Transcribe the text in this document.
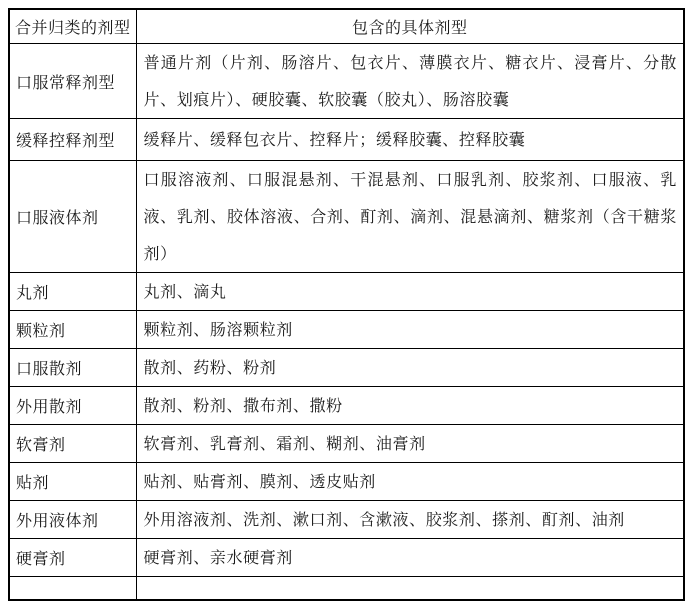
合并归类的剂型	包含的具体剂型
口服常释剂型	普通片剂（片剂、肠溶片、包衣片、薄膜衣片、糖衣片、浸膏片、分散片、划痕片）、硬胶囊、软胶囊（胶丸）、肠溶胶囊
缓释控释剂型	缓释片、缓释包衣片、控释片；缓释胶囊、控释胶囊
口服液体剂	口服溶液剂、口服混悬剂、干混悬剂、口服乳剂、胶浆剂、口服液、乳液、乳剂、胶体溶液、合剂、酊剂、滴剂、混悬滴剂、糖浆剂（含干糖浆剂）
丸剂	丸剂、滴丸
颗粒剂	颗粒剂、肠溶颗粒剂
口服散剂	散剂、药粉、粉剂
外用散剂	散剂、粉剂、撒布剂、撒粉
软膏剂	软膏剂、乳膏剂、霜剂、糊剂、油膏剂
贴剂	贴剂、贴膏剂、膜剂、透皮贴剂
外用液体剂	外用溶液剂、洗剂、漱口剂、含漱液、胶浆剂、搽剂、酊剂、油剂
硬膏剂	硬膏剂、亲水硬膏剂
